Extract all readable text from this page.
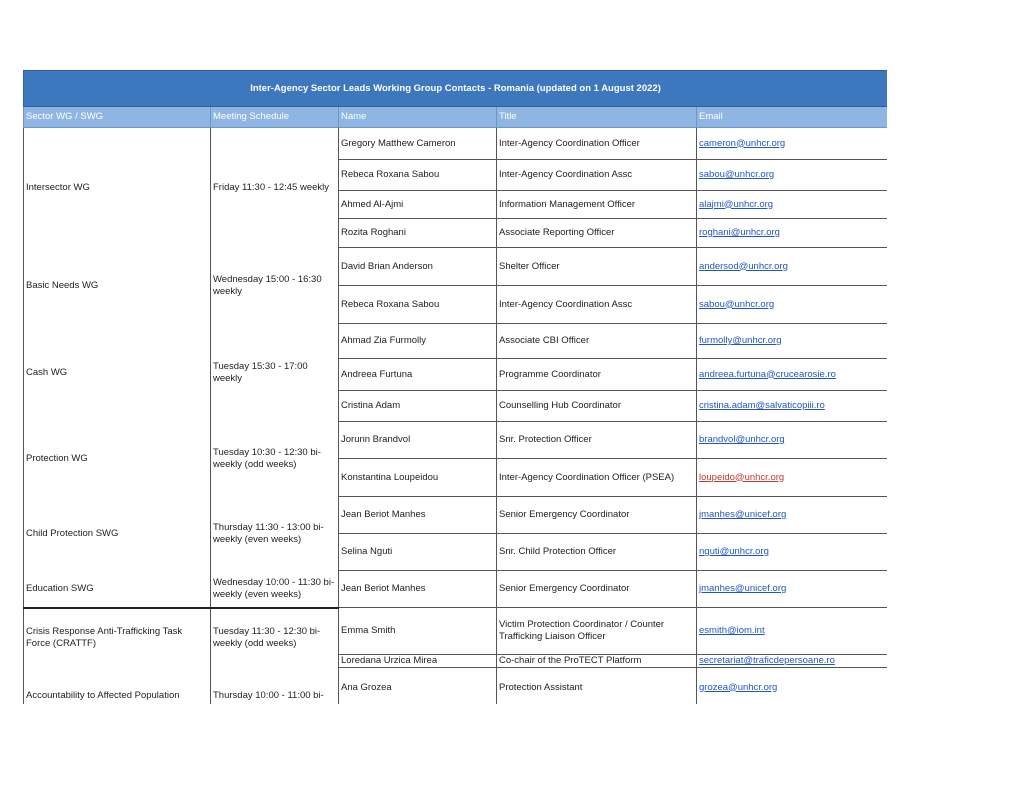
Inter-Agency Sector Leads Working Group Contacts - Romania (updated on 1 August 2022)				
Sector WG / SWG	Meeting Schedule	Name	Title	Email
Intersector WG	Friday 11:30 - 12:45 weekly	Gregory Matthew Cameron	Inter-Agency Coordination Officer	cameron@unhcr.org
		Rebeca Roxana Sabou	Inter-Agency Coordination Assc	sabou@unhcr.org
		Ahmed Al-Ajmi	Information Management Officer	alajmi@unhcr.org
		Rozita Roghani	Associate Reporting Officer	roghani@unhcr.org
Basic Needs WG	Wednesday 15:00 - 16:30 weekly	David Brian Anderson	Shelter Officer	andersod@unhcr.org
		Rebeca Roxana Sabou	Inter-Agency Coordination Assc	sabou@unhcr.org
Cash WG	Tuesday 15:30 - 17:00 weekly	Ahmad Zia Furmolly	Associate CBI Officer	furmolly@unhcr.org
		Andreea Furtuna	Programme Coordinator	andreea.furtuna@crucearosie.ro
		Cristina Adam	Counselling Hub Coordinator	cristina.adam@salvaticopiii.ro
Protection WG	Tuesday 10:30 - 12:30 bi-weekly (odd weeks)	Jorunn Brandvol	Snr. Protection Officer	brandvol@unhcr.org
		Konstantina Loupeidou	Inter-Agency Coordination Officer (PSEA)	loupeido@unhcr.org
Child Protection SWG	Thursday 11:30 - 13:00 bi-weekly (even weeks)	Jean Beriot Manhes	Senior Emergency Coordinator	jmanhes@unicef.org
		Selina Nguti	Snr. Child Protection Officer	nguti@unhcr.org
Education SWG	Wednesday 10:00 - 11:30 bi-weekly (even weeks)	Jean Beriot Manhes	Senior Emergency Coordinator	jmanhes@unicef.org
Crisis Response Anti-Trafficking Task Force (CRATTF)	Tuesday 11:30 - 12:30 bi-weekly (odd weeks)	Emma Smith	Victim Protection Coordinator / Counter Trafficking Liaison Officer	esmith@iom.int
		Loredana Urzica Mirea	Co-chair of the ProTECT Platform	secretariat@traficdepersoane.ro
Accountability to Affected Population	Thursday 10:00 - 11:00 bi-	Ana Grozea	Protection Assistant	grozea@unhcr.org
